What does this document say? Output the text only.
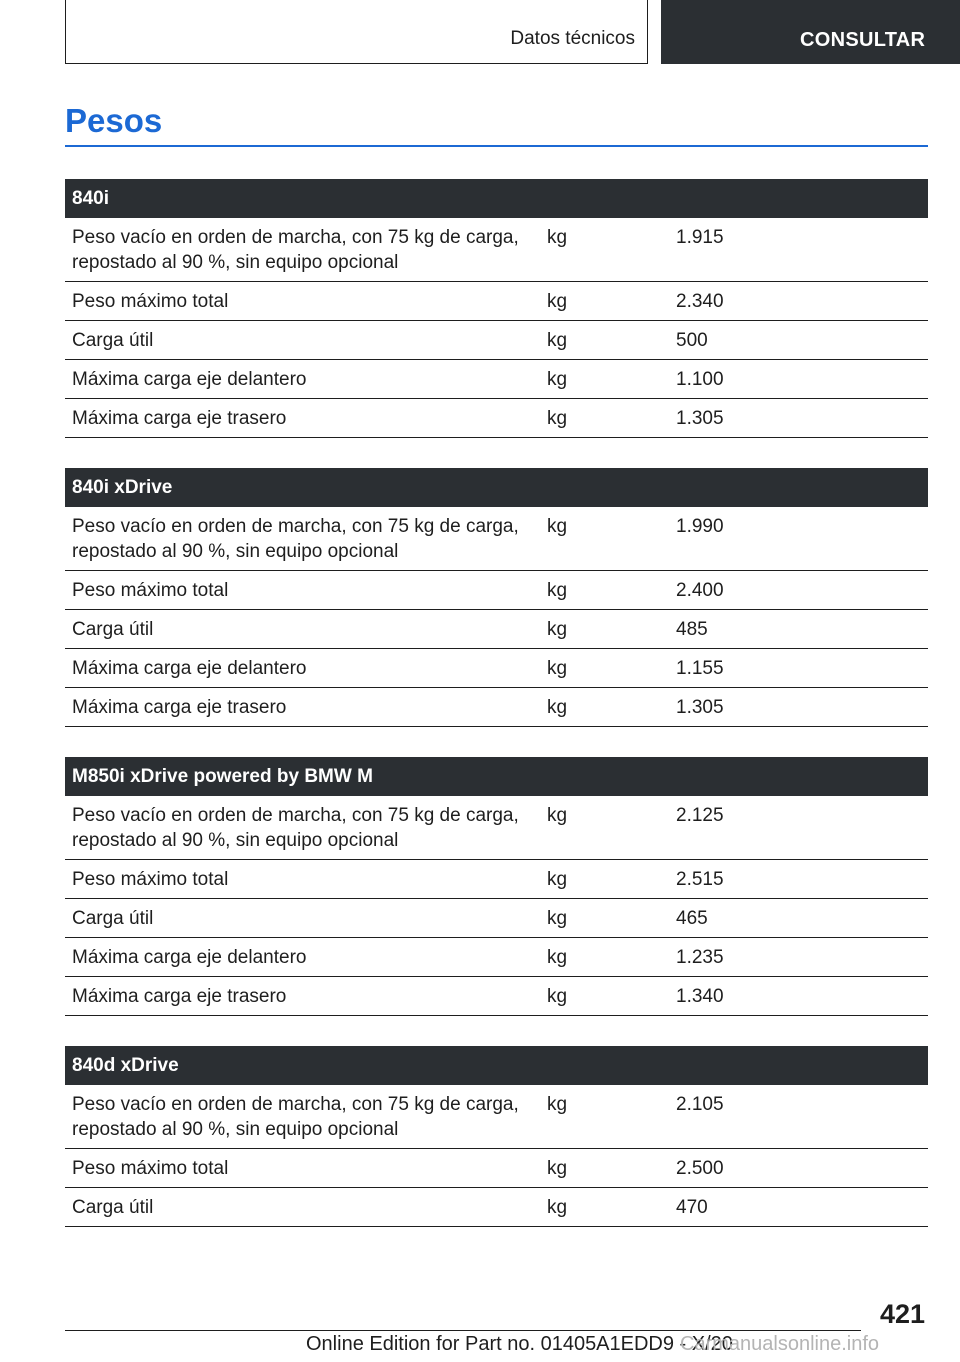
Datos técnicos	CONSULTAR
Pesos
840i		
Peso vacío en orden de marcha, con 75 kg de carga, repostado al 90 %, sin equipo opcional	kg	1.915
Peso máximo total	kg	2.340
Carga útil	kg	500
Máxima carga eje delantero	kg	1.100
Máxima carga eje trasero	kg	1.305
840i xDrive		
Peso vacío en orden de marcha, con 75 kg de carga, repostado al 90 %, sin equipo opcional	kg	1.990
Peso máximo total	kg	2.400
Carga útil	kg	485
Máxima carga eje delantero	kg	1.155
Máxima carga eje trasero	kg	1.305
M850i xDrive powered by BMW M		
Peso vacío en orden de marcha, con 75 kg de carga, repostado al 90 %, sin equipo opcional	kg	2.125
Peso máximo total	kg	2.515
Carga útil	kg	465
Máxima carga eje delantero	kg	1.235
Máxima carga eje trasero	kg	1.340
840d xDrive		
Peso vacío en orden de marcha, con 75 kg de carga, repostado al 90 %, sin equipo opcional	kg	2.105
Peso máximo total	kg	2.500
Carga útil	kg	470
421
Online Edition for Part no. 01405A1EDD9 - X/20
Carmanualsonline.info
